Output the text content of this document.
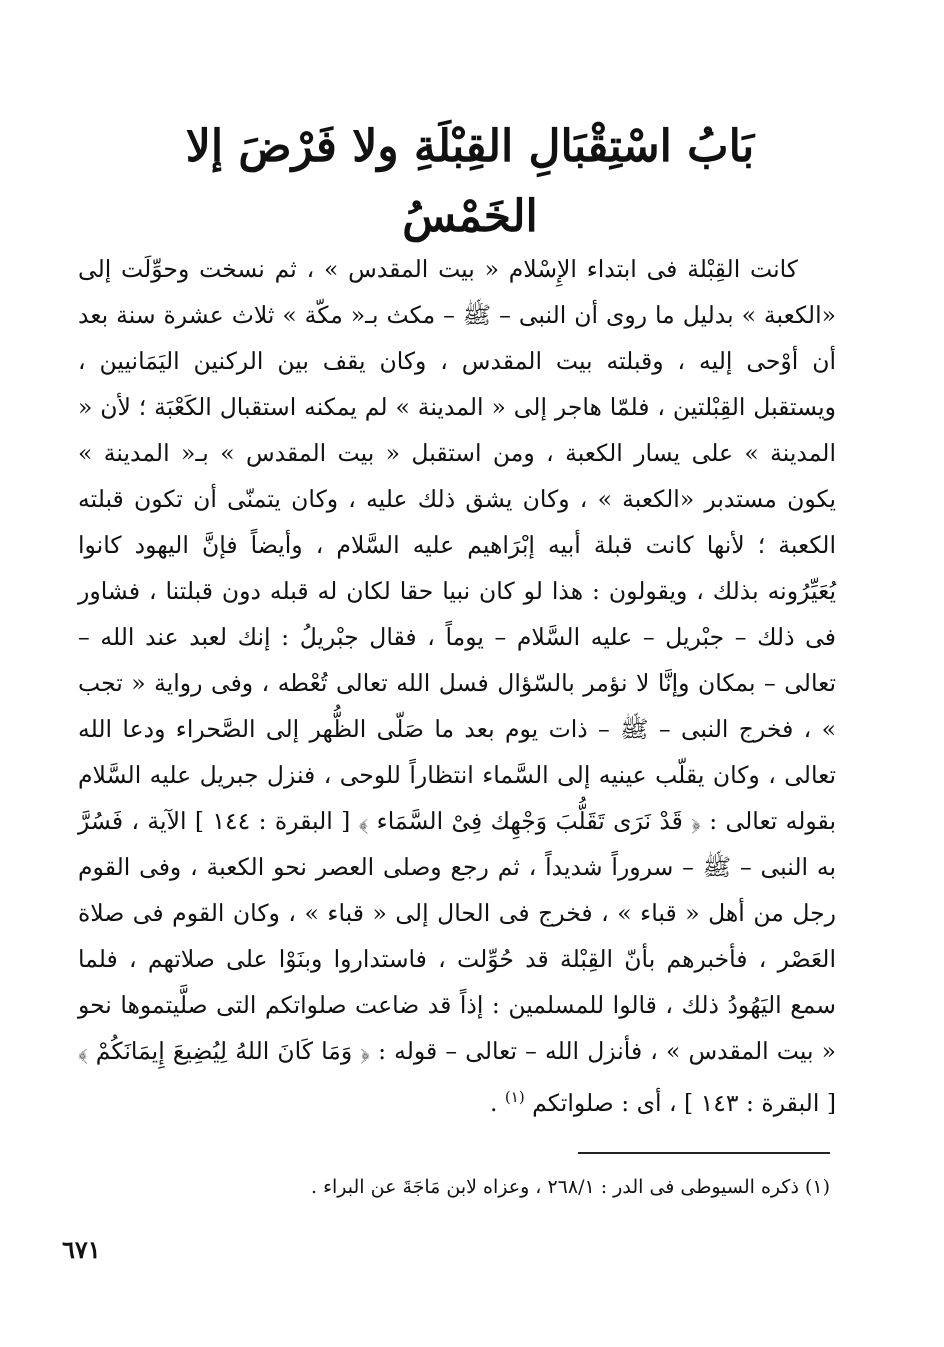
بَابُ اسْتِقْبَالِ القِبْلَةِ ولا فَرْضَ إلا الخَمْسُ

كانت القِبْلة فى ابتداء الإِسْلام « بيت المقدس » ، ثم نسخت وحوِّلَت إلى «الكعبة » بدليل ما روى أن النبى – ﷺ – مكث بـ« مكّة » ثلاث عشرة سنة بعد أن أوْحى إليه ، وقبلته بيت المقدس ، وكان يقف بين الركنين اليَمَانيين ، ويستقبل القِبْلتين ، فلمّا هاجر إلى « المدينة » لم يمكنه استقبال الكَعْبَة ؛ لأن « المدينة » على يسار الكعبة ، ومن استقبل « بيت المقدس » بـ« المدينة » يكون مستدبر «الكعبة » ، وكان يشق ذلك عليه ، وكان يتمنّى أن تكون قبلته الكعبة ؛ لأنها كانت قبلة أبيه إبْرَاهيم عليه السَّلام ، وأيضاً فإنَّ اليهود كانوا يُعَيِّرُونه بذلك ، ويقولون : هذا لو كان نبيا حقا لكان له قبله دون قبلتنا ، فشاور فى ذلك – جبْريل – عليه السَّلام – يوماً ، فقال جبْريلُ : إنك لعبد عند الله – تعالى – بمكان وإنَّا لا نؤمر بالسّؤال فسل الله تعالى تُعْطه ، وفى رواية « تجب » ، فخرج النبى – ﷺ – ذات يوم بعد ما صَلّى الظُّهر إلى الصَّحراء ودعا الله تعالى ، وكان يقلّب عينيه إلى السَّماء انتظاراً للوحى ، فنزل جبريل عليه السَّلام بقوله تعالى : ﴿ قَدْ نَرَى تَقَلُّبَ وَجْهِك فِىْ السَّمَاء ﴾ [ البقرة : ١٤٤ ] الآية ، فَسُرَّ به النبى – ﷺ – سروراً شديداً ، ثم رجع وصلى العصر نحو الكعبة ، وفى القوم رجل من أهل « قباء » ، فخرج فى الحال إلى « قباء » ، وكان القوم فى صلاة العَصْر ، فأخبرهم بأنّ القِبْلة قد حُوِّلت ، فاستداروا وبنَوْا على صلاتهم ، فلما سمع اليَهُودُ ذلك ، قالوا للمسلمين : إذاً قد ضاعت صلواتكم التى صلَّيتموها نحو « بيت المقدس » ، فأنزل الله – تعالى – قوله : ﴿ وَمَا كَانَ اللهُ لِيُضِيعَ إِيمَانَكُمْ ﴾ [ البقرة : ١٤٣ ] ، أى : صلواتكم $^{(١)}$ .

(١) ذكره السيوطى فى الدر : ٢٦٨/١ ، وعزاه لابن مَاجَةَ عن البراء .

٦٧١
